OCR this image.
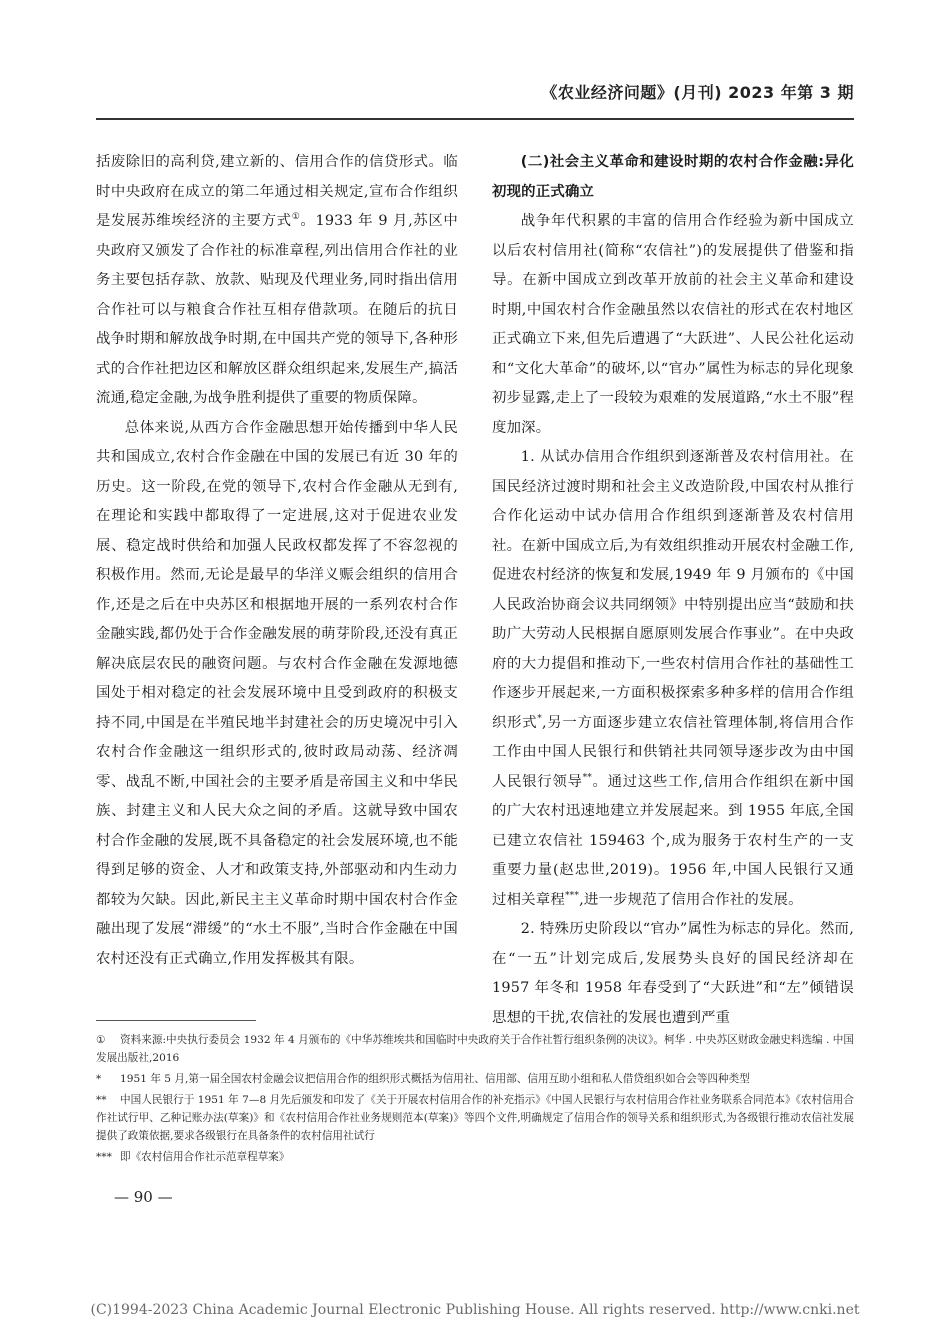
《农业经济问题》(月刊) 2023 年第 3 期

括废除旧的高利贷,建立新的、信用合作的信贷形式。临时中央政府在成立的第二年通过相关规定,宣布合作组织是发展苏维埃经济的主要方式①。1933 年 9 月,苏区中央政府又颁发了合作社的标准章程,列出信用合作社的业务主要包括存款、放款、贴现及代理业务,同时指出信用合作社可以与粮食合作社互相存借款项。在随后的抗日战争时期和解放战争时期,在中国共产党的领导下,各种形式的合作社把边区和解放区群众组织起来,发展生产,搞活流通,稳定金融,为战争胜利提供了重要的物质保障。

总体来说,从西方合作金融思想开始传播到中华人民共和国成立,农村合作金融在中国的发展已有近 30 年的历史。这一阶段,在党的领导下,农村合作金融从无到有,在理论和实践中都取得了一定进展,这对于促进农业发展、稳定战时供给和加强人民政权都发挥了不容忽视的积极作用。然而,无论是最早的华洋义赈会组织的信用合作,还是之后在中央苏区和根据地开展的一系列农村合作金融实践,都仍处于合作金融发展的萌芽阶段,还没有真正解决底层农民的融资问题。与农村合作金融在发源地德国处于相对稳定的社会发展环境中且受到政府的积极支持不同,中国是在半殖民地半封建社会的历史境况中引入农村合作金融这一组织形式的,彼时政局动荡、经济凋零、战乱不断,中国社会的主要矛盾是帝国主义和中华民族、封建主义和人民大众之间的矛盾。这就导致中国农村合作金融的发展,既不具备稳定的社会发展环境,也不能得到足够的资金、人才和政策支持,外部驱动和内生动力都较为欠缺。因此,新民主主义革命时期中国农村合作金融出现了发展“滞缓”的“水土不服”,当时合作金融在中国农村还没有正式确立,作用发挥极其有限。

(二)社会主义革命和建设时期的农村合作金融:异化初现的正式确立

战争年代积累的丰富的信用合作经验为新中国成立以后农村信用社(简称“农信社”)的发展提供了借鉴和指导。在新中国成立到改革开放前的社会主义革命和建设时期,中国农村合作金融虽然以农信社的形式在农村地区正式确立下来,但先后遭遇了“大跃进”、人民公社化运动和“文化大革命”的破坏,以“官办”属性为标志的异化现象初步显露,走上了一段较为艰难的发展道路,“水土不服”程度加深。

1. 从试办信用合作组织到逐渐普及农村信用社。在国民经济过渡时期和社会主义改造阶段,中国农村从推行合作化运动中试办信用合作组织到逐渐普及农村信用社。在新中国成立后,为有效组织推动开展农村金融工作,促进农村经济的恢复和发展,1949 年 9 月颁布的《中国人民政治协商会议共同纲领》中特别提出应当“鼓励和扶助广大劳动人民根据自愿原则发展合作事业”。在中央政府的大力提倡和推动下,一些农村信用合作社的基础性工作逐步开展起来,一方面积极探索多种多样的信用合作组织形式*,另一方面逐步建立农信社管理体制,将信用合作工作由中国人民银行和供销社共同领导逐步改为由中国人民银行领导**。通过这些工作,信用合作组织在新中国的广大农村迅速地建立并发展起来。到 1955 年底,全国已建立农信社 159463 个,成为服务于农村生产的一支重要力量(赵忠世,2019)。1956 年,中国人民银行又通过相关章程***,进一步规范了信用合作社的发展。

2. 特殊历史阶段以“官办”属性为标志的异化。然而,在“一五”计划完成后,发展势头良好的国民经济却在 1957 年冬和 1958 年春受到了“大跃进”和“左”倾错误思想的干扰,农信社的发展也遭到严重

① 资料来源:中央执行委员会 1932 年 4 月颁布的《中华苏维埃共和国临时中央政府关于合作社暂行组织条例的决议》。柯华 . 中央苏区财政金融史料选编 . 中国发展出版社,2016

* 1951 年 5 月,第一届全国农村金融会议把信用合作的组织形式概括为信用社、信用部、信用互助小组和私人借贷组织如合会等四种类型

** 中国人民银行于 1951 年 7—8 月先后颁发和印发了《关于开展农村信用合作的补充指示》《中国人民银行与农村信用合作社业务联系合同范本》《农村信用合作社试行甲、乙种记账办法(草案)》和《农村信用合作社业务规则范本(草案)》等四个文件,明确规定了信用合作的领导关系和组织形式,为各级银行推动农信社发展提供了政策依据,要求各级银行在具备条件的农村信用社试行

*** 即《农村信用合作社示范章程草案》

— 90 —
(C)1994-2023 China Academic Journal Electronic Publishing House. All rights reserved. http://www.cnki.net
